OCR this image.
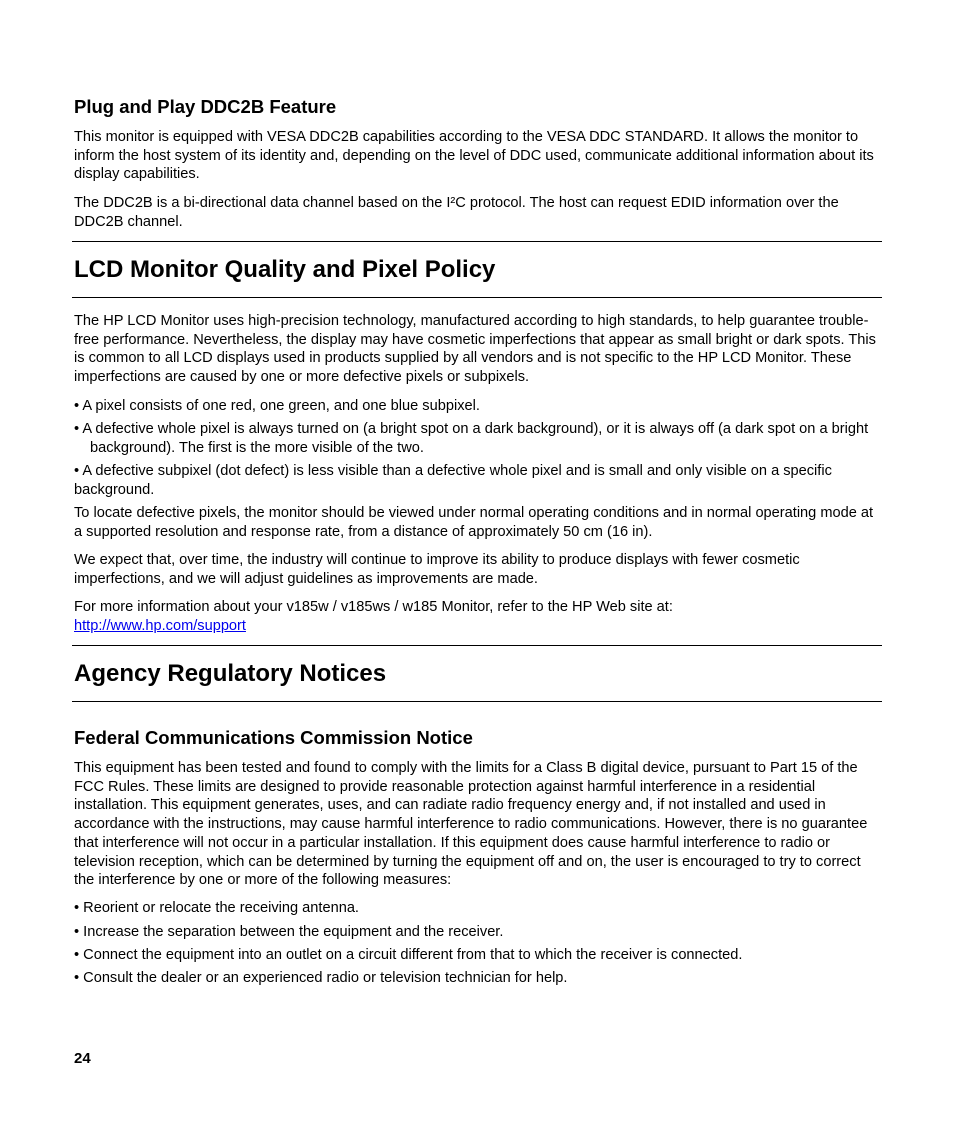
Plug and Play DDC2B Feature

This monitor is equipped with VESA DDC2B capabilities according to the VESA DDC STANDARD. It allows the monitor to inform the host system of its identity and, depending on the level of DDC used, communicate additional information about its display capabilities.

The DDC2B is a bi-directional data channel based on the I²C protocol. The host can request EDID information over the DDC2B channel.

LCD Monitor Quality and Pixel Policy

The HP LCD Monitor uses high-precision technology, manufactured according to high standards, to help guarantee trouble-free performance. Nevertheless, the display may have cosmetic imperfections that appear as small bright or dark spots. This is common to all LCD displays used in products supplied by all vendors and is not specific to the HP LCD Monitor. These imperfections are caused by one or more defective pixels or subpixels.

• A pixel consists of one red, one green, and one blue subpixel.

• A defective whole pixel is always turned on (a bright spot on a dark background), or it is always off (a dark spot on a bright background). The first is the more visible of the two.

• A defective subpixel (dot defect) is less visible than a defective whole pixel and is small and only visible on a specific background.

To locate defective pixels, the monitor should be viewed under normal operating conditions and in normal operating mode at a supported resolution and response rate, from a distance of approximately 50 cm (16 in).

We expect that, over time, the industry will continue to improve its ability to produce displays with fewer cosmetic imperfections, and we will adjust guidelines as improvements are made.

For more information about your v185w / v185ws / w185 Monitor, refer to the HP Web site at:
http://www.hp.com/support

Agency Regulatory Notices
Federal Communications Commission Notice

This equipment has been tested and found to comply with the limits for a Class B digital device, pursuant to Part 15 of the FCC Rules. These limits are designed to provide reasonable protection against harmful interference in a residential installation. This equipment generates, uses, and can radiate radio frequency energy and, if not installed and used in accordance with the instructions, may cause harmful interference to radio communications. However, there is no guarantee that interference will not occur in a particular installation. If this equipment does cause harmful interference to radio or television reception, which can be determined by turning the equipment off and on, the user is encouraged to try to correct the interference by one or more of the following measures:

• Reorient or relocate the receiving antenna.

• Increase the separation between the equipment and the receiver.

• Connect the equipment into an outlet on a circuit different from that to which the receiver is connected.

• Consult the dealer or an experienced radio or television technician for help.

24
